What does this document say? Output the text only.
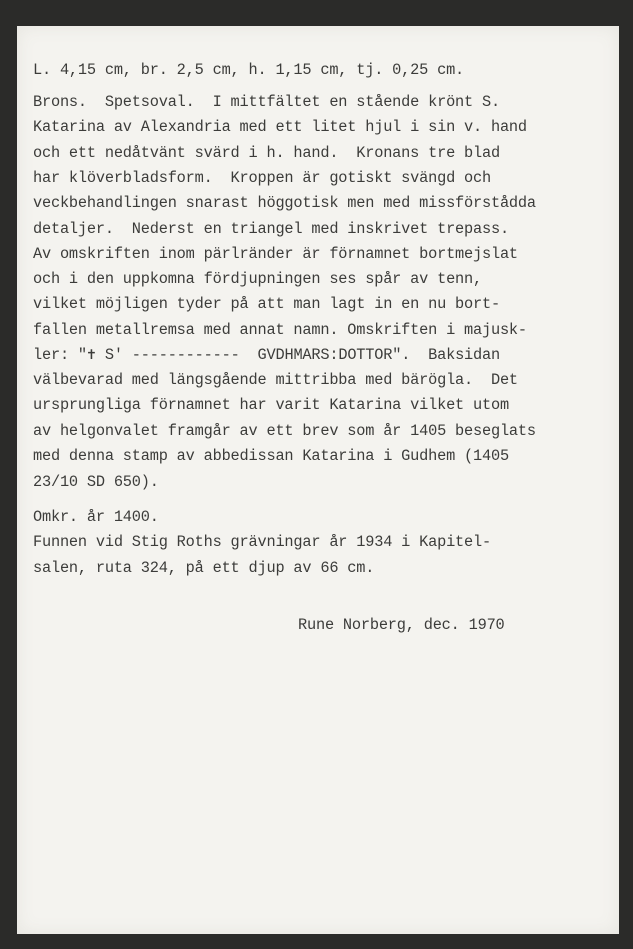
L. 4,15 cm, br. 2,5 cm, h. 1,15 cm, tj. 0,25 cm.
Brons.  Spetsoval.  I mittfältet en stående krönt S.
Katarina av Alexandria med ett litet hjul i sin v. hand
och ett nedåtvänt svärd i h. hand.  Kronans tre blad
har klöverbladsform.  Kroppen är gotiskt svängd och
veckbehandlingen snarast höggotisk men med missförstådda
detaljer.  Nederst en triangel med inskrivet trepass.
Av omskriften inom pärlränder är förnamnet bortmejslat
och i den uppkomna fördjupningen ses spår av tenn,
vilket möjligen tyder på att man lagt in en nu bort-
fallen metallremsa med annat namn. Omskriften i majusk-
ler: "✝ S' ------------  GVDHMARS:DOTTOR".  Baksidan
välbevarad med längsgående mittribba med bärögla.  Det
ursprungliga förnamnet har varit Katarina vilket utom
av helgonvalet framgår av ett brev som år 1405 beseglats
med denna stamp av abbedissan Katarina i Gudhem (1405
23/10 SD 650).
Omkr. år 1400.
Funnen vid Stig Roths grävningar år 1934 i Kapitel-
salen, ruta 324, på ett djup av 66 cm.
Rune Norberg, dec. 1970
